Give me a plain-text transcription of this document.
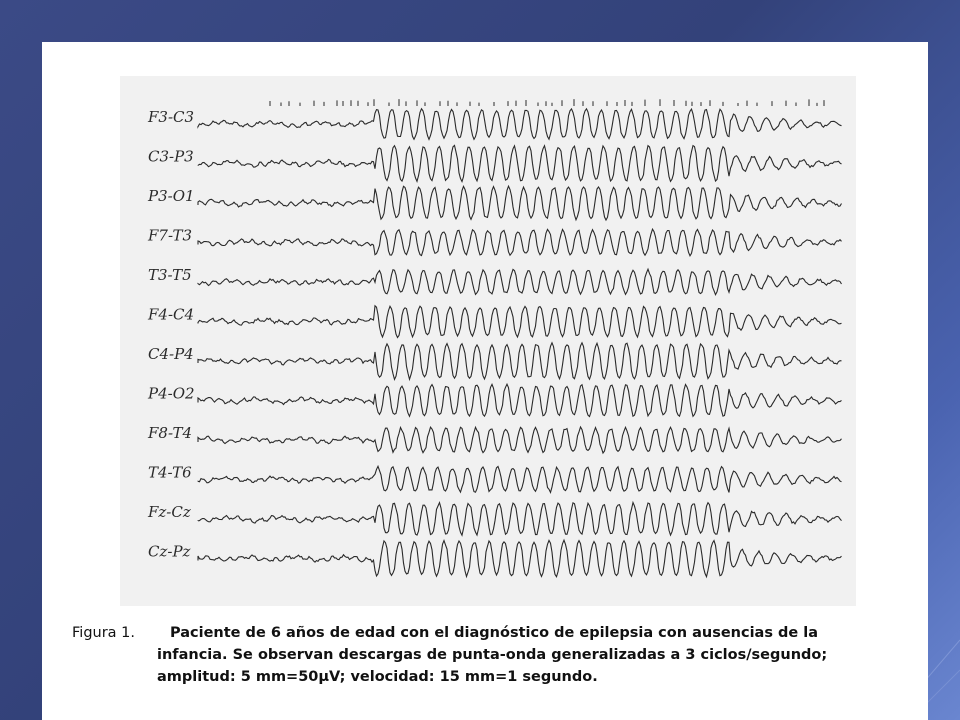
F3-C3
C3-P3
P3-O1
F7-T3
T3-T5
F4-C4
C4-P4
P4-O2
F8-T4
T4-T6
Fz-Cz
Cz-Pz
Figura 1. Paciente de 6 años de edad con el diagnóstico de epilepsia con ausencias de la
infancia. Se observan descargas de punta-onda generalizadas a 3 ciclos/segundo;
amplitud: 5 mm=50µV; velocidad: 15 mm=1 segundo.
